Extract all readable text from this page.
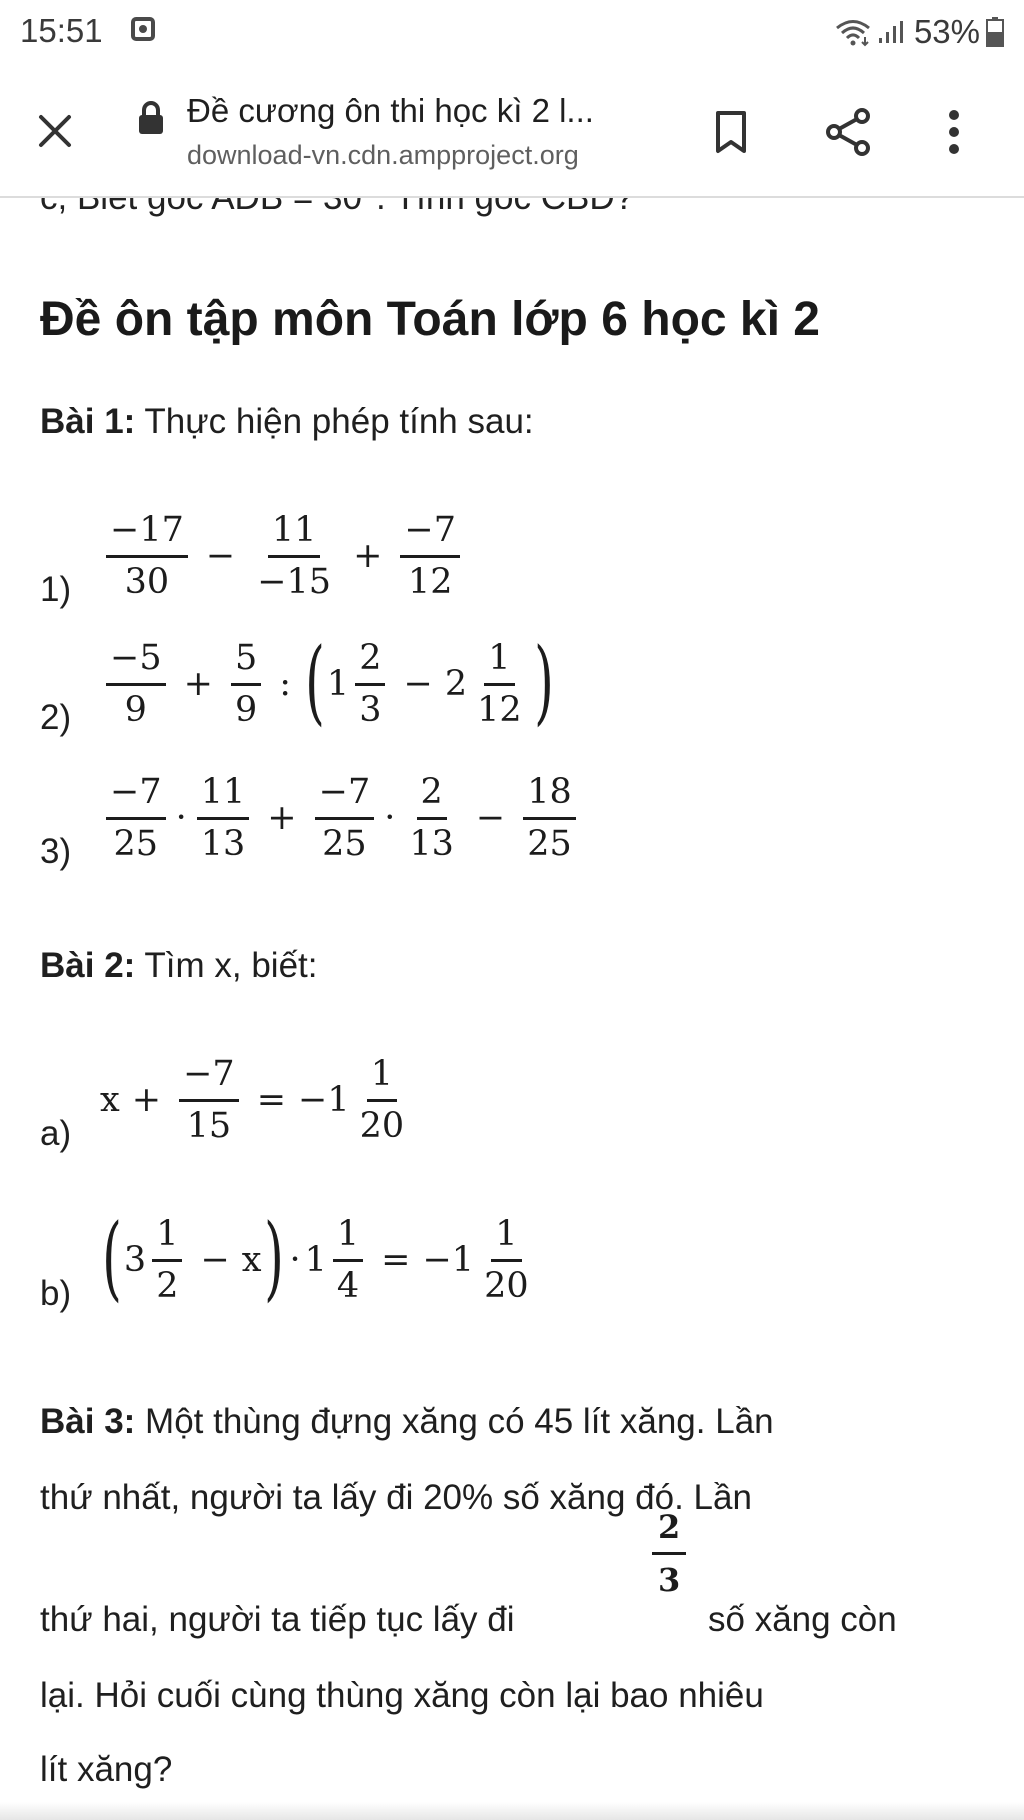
Đề ôn tập môn Toán lớp 6 học kì 2
Bài 1: Thực hiện phép tính sau:
$1) \frac{-17}{30} - \frac{11}{-15} + \frac{-7}{12}$
$2) \frac{-5}{9} + \frac{5}{9}$ : ( $1 \frac{2}{3} - 2 \frac{1}{12}$ )
$3) \frac{-7}{25} \cdot \frac{11}{13} + \frac{-7}{25} \cdot \frac{2}{13} - \frac{18}{25}$
Bài 2: Tìm x, biết:
a)
$x + \frac{-7}{15} = -1 \frac{1}{20}$
b) ( $3 \frac{1}{2} - x$ ) · $1 \frac{1}{4} = -1 \frac{1}{20}$
Bài 3: Một thùng đựng xăng có 45 lít xăng. Lần
thứ nhất, người ta lấy đi 20% số xăng đó. Lần
thứ hai, người ta tiếp tục lấy đi
$\frac{2}{3}$
số xăng còn
lại. Hỏi cuối cùng thùng xăng còn lại bao nhiêu
lít xăng?
15:51	53%
Đề cương ôn thi học kì 2 l...
download-vn.cdn.ampproject.org
